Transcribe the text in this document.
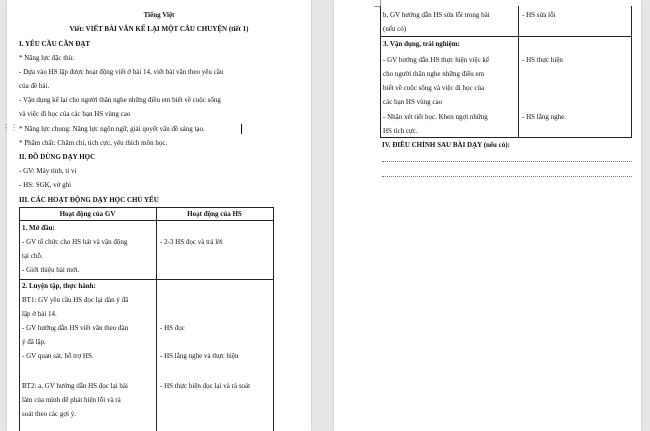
Tiếng Việt
Viết: VIẾT BÀI VĂN KỂ LẠI MỘT CÂU CHUYỆN (tiết 1)
I. YÊU CẦU CẦN ĐẠT
* Năng lực đặc thù:
- Dựa vào HS lập được hoạt động viết ở bài 14, viết bài văn theo yêu cầu
của đề bài.
- Vận dụng kể lại cho người thân nghe những điều em biết về cuộc sống
và việc đi học của các bạn HS vùng cao
* Năng lực chung: Năng lực ngôn ngữ, giải quyết vấn đề sáng tạo.
* Phẩm chất: Chăm chỉ, tích cực, yêu thích môn học.
II. ĐỒ DÙNG DẠY HỌC
- GV: Máy tính, ti vi
- HS: SGK, vở ghi
III. CÁC HOẠT ĐỘNG DẠY HỌC CHỦ YẾU
Hoạt động của GV	Hoạt động của HS
1. Mở đầu:
- GV tổ chức cho HS hát và vận động
tại chỗ.
- Giới thiệu bài mới.
- 2-3 HS đọc và trả lời
2. Luyện tập, thực hành:
BT1: GV yêu cầu HS đọc lại dàn ý đã
lập ở bài 14.
- GV hướng dẫn HS viết văn theo dàn
ý đã lập.
- GV quan sát, hỗ trợ HS.
BT2: a, GV hướng dẫn HS đọc lại bài
làm của mình để phát hiện lỗi và rà
soát theo các gợi ý.
- HS đọc
- HS lắng nghe và thực hiện
- HS thực hiện đọc lại và rà soát
⋮⋮
b, GV hướng dẫn HS sửa lỗi trong bài
(nếu có)
- HS sửa lỗi
3. Vận dụng, trải nghiệm:
- GV hướng dẫn HS thực hiện việc kể
cho người thân nghe những điều em
biết về cuộc sống và việc đi học của
các bạn HS vùng cao
- Nhận xét tiết học. Khen ngợi những
HS tích cực.
- HS thực hiện
- HS lắng nghe.
IV. ĐIỀU CHỈNH SAU BÀI DẠY (nếu có):
